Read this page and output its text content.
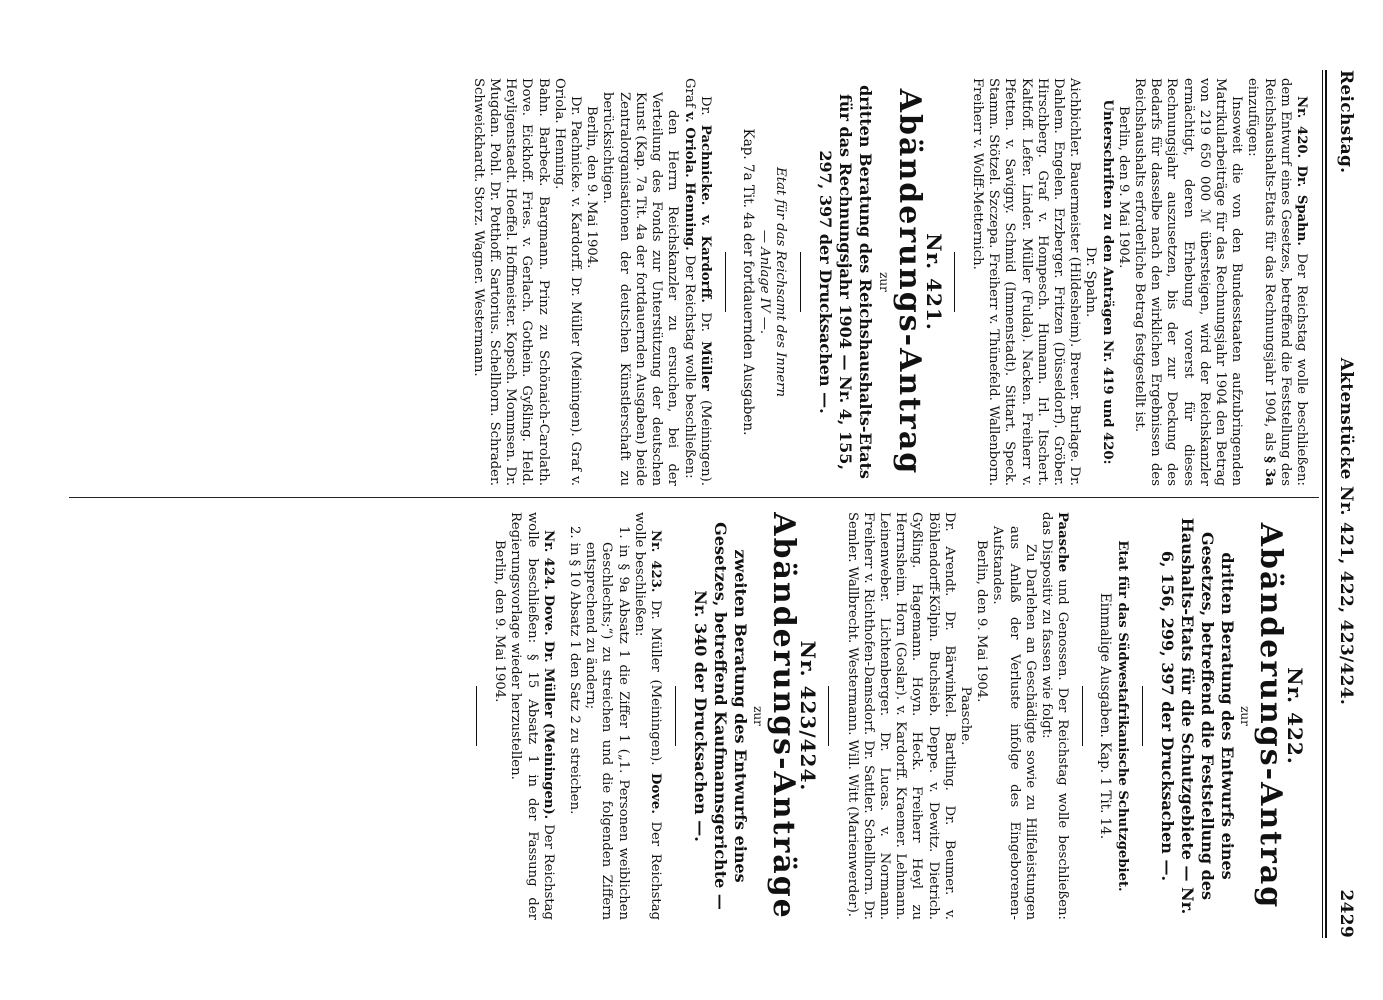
Reichstag.
Aktenstücke Nr. 421, 422, 423/424.
2429

Nr. 420. Dr. Spahn. Der Reichstag wolle beschließen: dem Entwurf eines Gesetzes, betreffend die Feststellung des Reichshaushalts-Etats für das Rechnungsjahr 1904, als § 3a einzufügen:

Insoweit die von den Bundesstaaten aufzubringenden Matrikularbeiträge für das Rechnungsjahr 1904 den Betrag von 219 650 000 ℳ übersteigen, wird der Reichskanzler ermächtigt, deren Erhebung vorerst für dieses Rechnungsjahr auszusetzen, bis der zur Deckung des Bedarfs für dasselbe nach den wirklichen Ergebnissen des Reichshaushalts erforderliche Betrag festgestellt ist.

Berlin, den 9. Mai 1904.

Unterschriften zu den Anträgen Nr. 419 und 420:

Dr. Spahn.

Aichbichler. Bauermeister (Hildesheim). Breuer. Burlage. Dr. Dahlem. Engelen. Erzberger. Fritzen (Düsseldorf). Gröber. Hirschberg. Graf v. Hompesch. Humann. Irl. Itschert. Kaltfoff. Lefer. Linder. Müller (Fulda). Nacken. Freiherr v. Pfetten. v. Savigny. Schmid (Immenstadt). Sittart. Speck. Stamm. Stötzel. Szczepa. Freiherr v. Thünefeld. Wallenborn. Freiherr v. Wolff-Metternich.

Nr. 421.

Abänderungs-Antrag

zur

dritten Beratung des Reichshaushalts-Etats für das Rechnungsjahr 1904 — Nr. 4, 155, 297, 397 der Drucksachen —.

Etat für das Reichsamt des Innern

— Anlage IV —.

Kap. 7a Tit. 4a der fortdauernden Ausgaben.

Dr. Pachnicke. v. Kardorff. Dr. Müller (Meiningen). Graf v. Oriola. Henning. Der Reichstag wolle beschließen:

den Herrn Reichskanzler zu ersuchen, bei der Verteilung des Fonds zur Unterstützung der deutschen Kunst (Kap. 7a Tit. 4a der fortdauernden Ausgaben) beide Zentralorganisationen der deutschen Künstlerschaft zu berücksichtigen.

Berlin, den 9. Mai 1904.

Dr. Pachnicke. v. Kardorff. Dr. Müller (Meiningen). Graf v. Oriola. Henning.

Bahn. Barbeck. Bargmann. Prinz zu Schönaich-Carolath. Dove. Eickhoff. Fries. v. Gerlach. Gothein. Gyßling. Held. Heyligenstaedt. Hoeffel. Hoffmeister. Kopsch. Mommsen. Dr. Mugdan. Pohl. Dr. Potthoff. Sartorius. Schellhorn. Schrader. Schweickhardt. Storz. Wagner. Westermann.

Nr. 422.

Abänderungs-Antrag

zur

dritten Beratung des Entwurfs eines Gesetzes, betreffend die Feststellung des Haushalts-Etats für die Schutzgebiete — Nr. 6, 156, 299, 397 der Drucksachen —.

Etat für das Südwestafrikanische Schutzgebiet.

Einmalige Ausgaben. Kap. 1 Tit. 14.

Paasche und Genossen. Der Reichstag wolle beschließen: das Dispositiv zu fassen wie folgt:

Zu Darlehen an Geschädigte sowie zu Hilfeleistungen aus Anlaß der Verluste infolge des Eingeborenen-Aufstandes.

Berlin, den 9. Mai 1904.

Paasche.

Dr. Arendt. Dr. Bärwinkel. Bartling. Dr. Beumer. v. Böhlendorff-Kölpin. Buchsieb. Deppe. v. Dewitz. Dietrich. Gyßling. Hagemann. Hoyn. Heck. Freiherr Heyl zu Herrnsheim. Horn (Goslar). v. Kardorff. Kraemer. Lehmann. Leinenweber. Lichtenberger. Dr. Lucas. v. Normann. Freiherr v. Richthofen-Damsdorf. Dr. Sattler. Schellhorn. Dr. Semler. Wallbrecht. Westermann. Will. Witt (Marienwerder).

Nr. 423/424.

Abänderungs-Anträge

zur

zweiten Beratung des Entwurfs eines Gesetzes, betreffend Kaufmannsgerichte — Nr. 340 der Drucksachen —.

Nr. 423. Dr. Müller (Meiningen). Dove. Der Reichstag wolle beschließen:

1. in § 9a Absatz 1 die Ziffer 1 („1. Personen weiblichen Geschlechts;“) zu streichen und die folgenden Ziffern entsprechend zu ändern;

2. in § 10 Absatz 1 den Satz 2 zu streichen.

Nr. 424. Dove. Dr. Müller (Meiningen). Der Reichstag wolle beschließen: § 15 Absatz 1 in der Fassung der Regierungsvorlage wieder herzustellen.

Berlin, den 9. Mai 1904.
